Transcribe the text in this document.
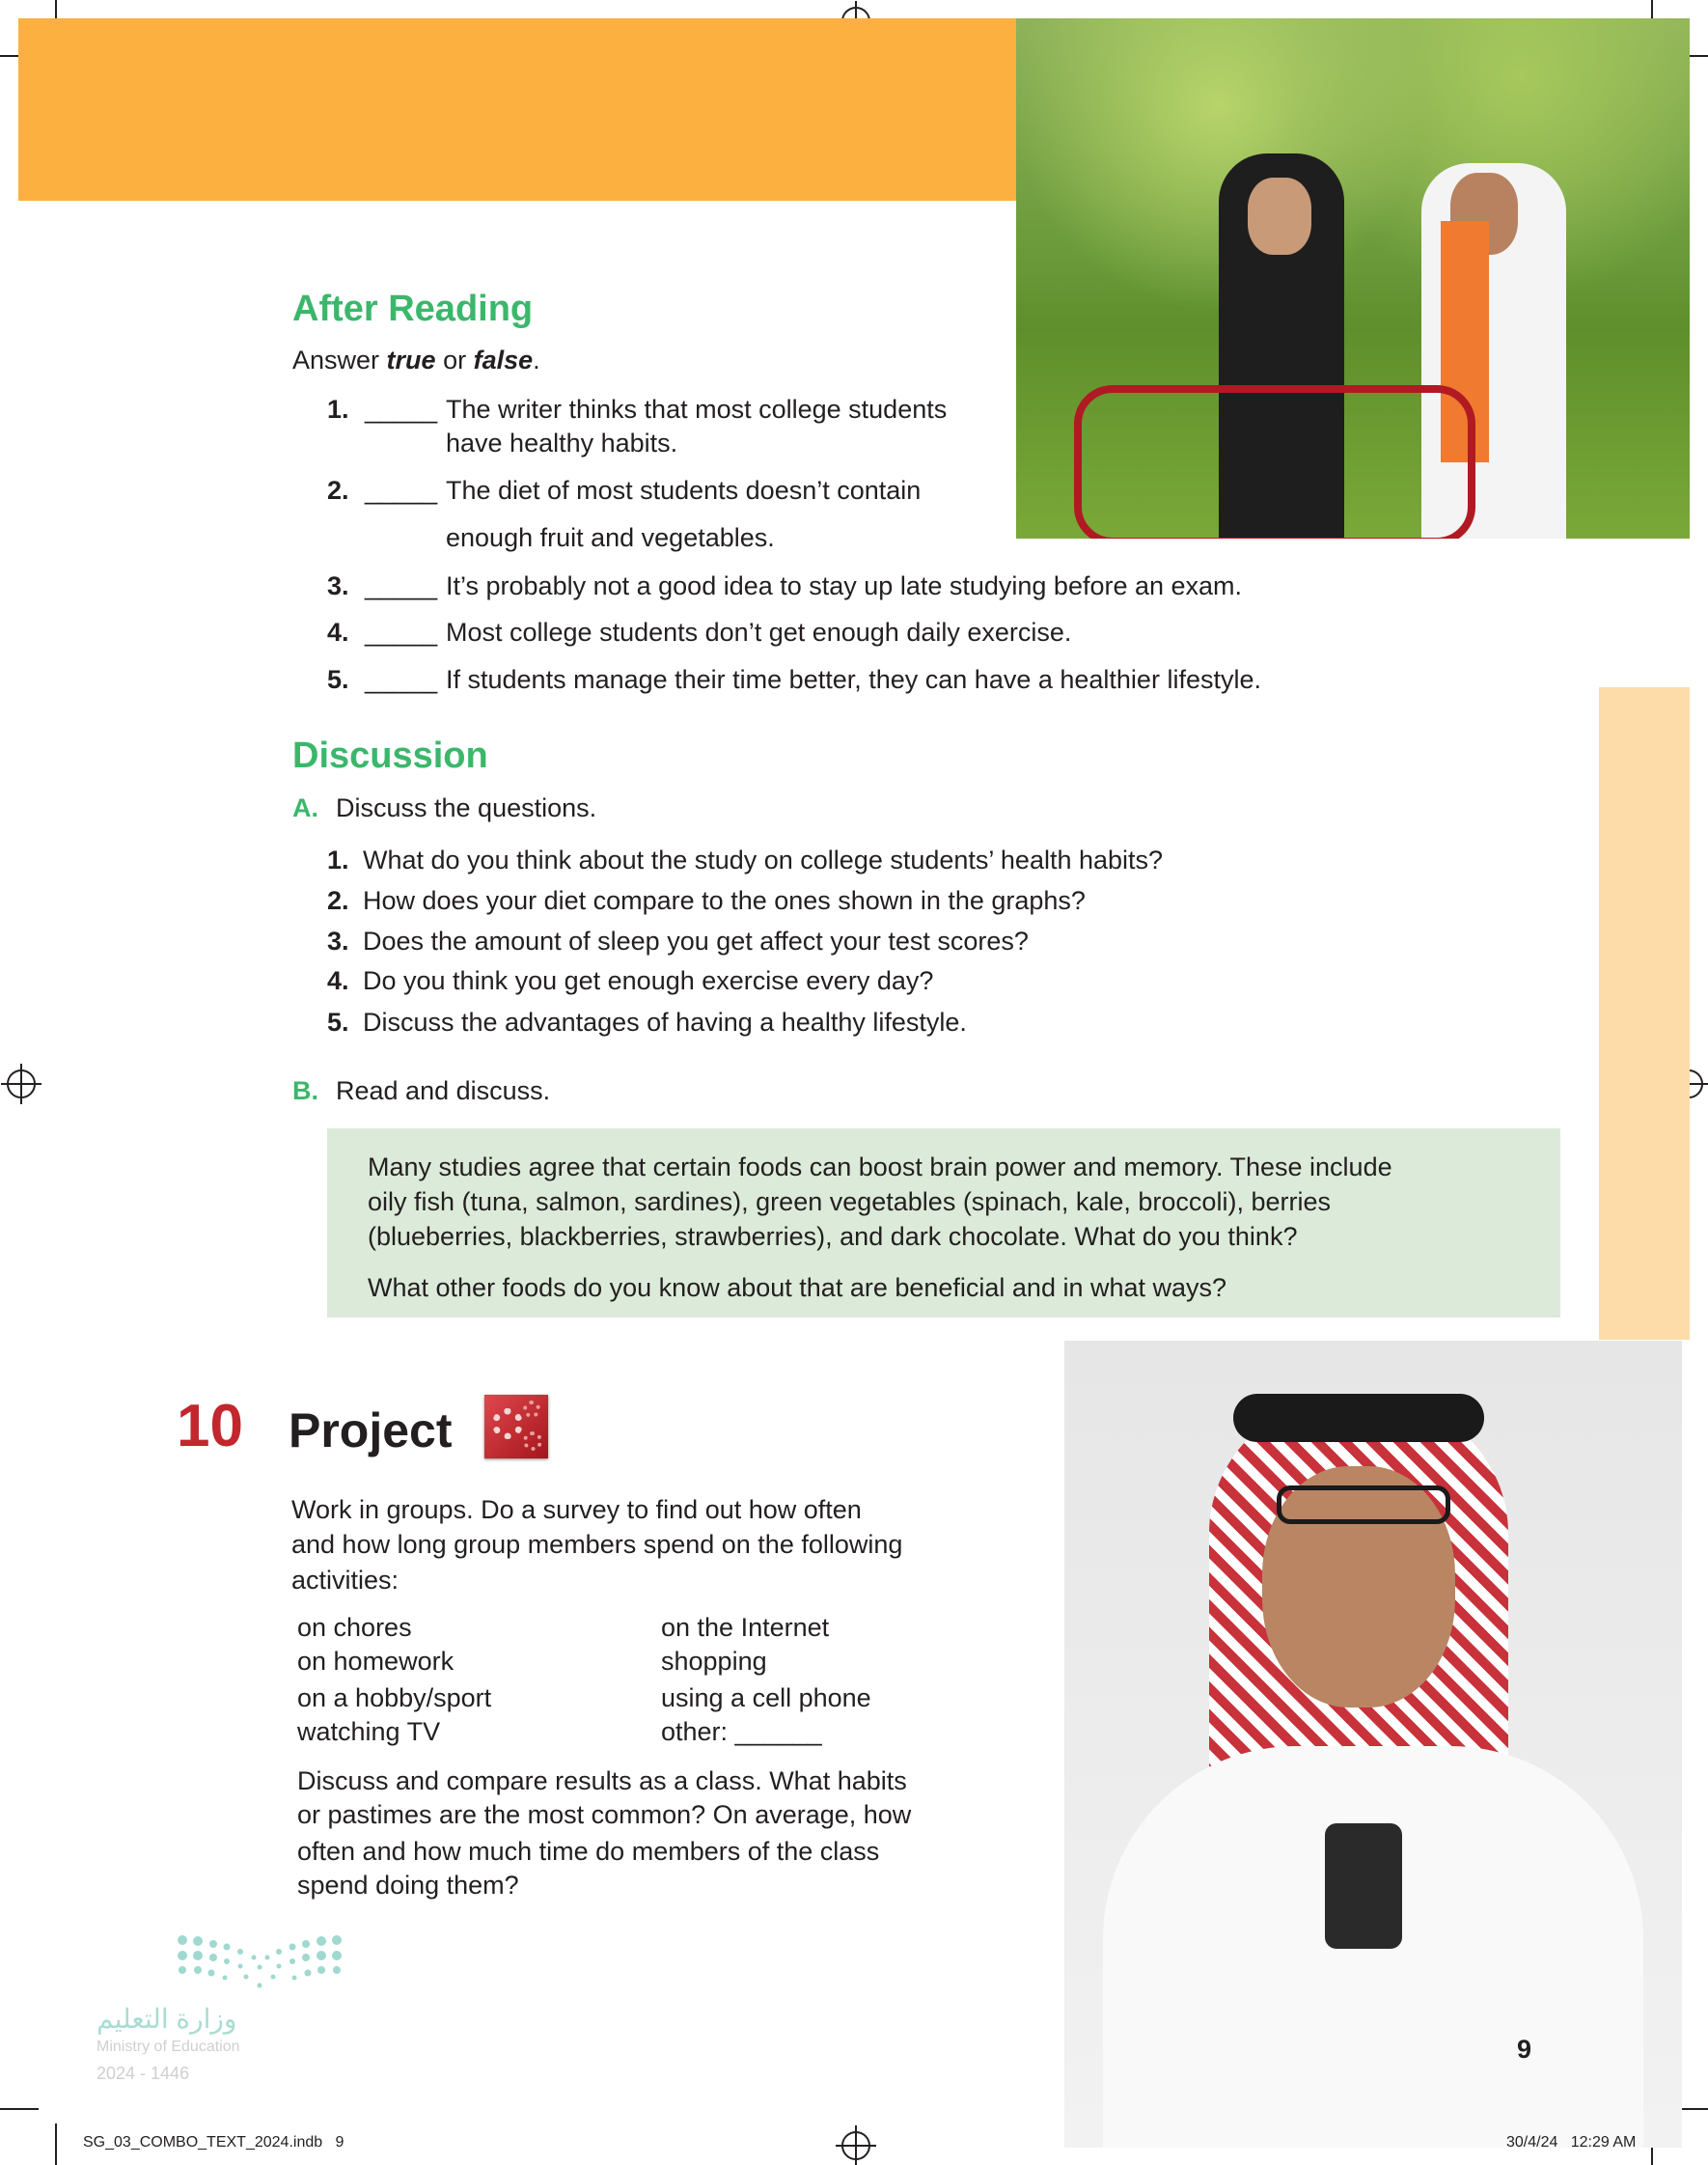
After Reading
Answer true or false.
1. _____ The writer thinks that most college students
have healthy habits.
2. _____ The diet of most students doesn’t contain
enough fruit and vegetables.
3. _____ It’s probably not a good idea to stay up late studying before an exam.
4. _____ Most college students don’t get enough daily exercise.
5. _____ If students manage their time better, they can have a healthier lifestyle.
Discussion
A. Discuss the questions.
1. What do you think about the study on college students’ health habits?
2. How does your diet compare to the ones shown in the graphs?
3. Does the amount of sleep you get affect your test scores?
4. Do you think you get enough exercise every day?
5. Discuss the advantages of having a healthy lifestyle.
B. Read and discuss.
Many studies agree that certain foods can boost brain power and memory. These include
oily fish (tuna, salmon, sardines), green vegetables (spinach, kale, broccoli), berries
(blueberries, blackberries, strawberries), and dark chocolate. What do you think?
What other foods do you know about that are beneficial and in what ways?
10 Project
Work in groups. Do a survey to find out how often
and how long group members spend on the following
activities:
on chores
on homework
on a hobby/sport
watching TV
on the Internet
shopping
using a cell phone
other: ______
Discuss and compare results as a class. What habits
or pastimes are the most common? On average, how
often and how much time do members of the class
spend doing them?
وزارة التعليم
Ministry of Education
2024 - 1446
9
SG_03_COMBO_TEXT_2024.indb   9	30/4/24   12:29 AM
